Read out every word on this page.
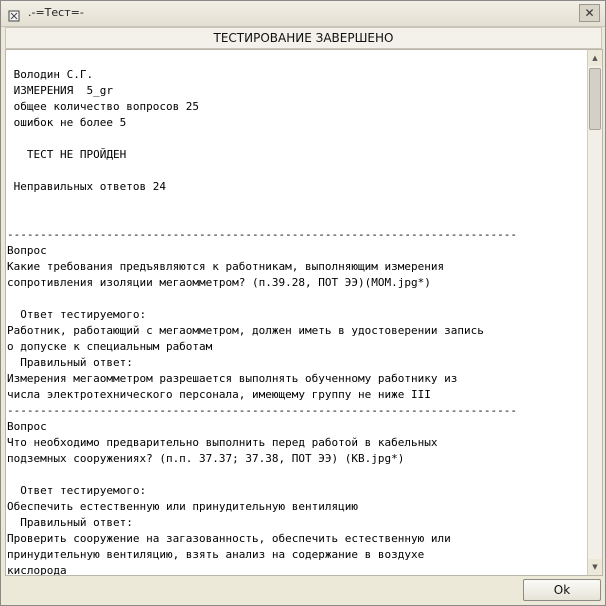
.-=Тест=-	✕
ТЕСТИРОВАНИЕ ЗАВЕРШЕНО
Володин С.Г.
ИЗМЕРЕНИЯ  5_gr
общее количество вопросов 25
ошибок не более 5

ТЕСТ НЕ ПРОЙДЕН

Неправильных ответов 24

-----------------------------------------------------------------------------
Вопрос
Какие требования предъявляются к работникам, выполняющим измерения
сопротивления изоляции мегаомметром? (п.39.28, ПОТ ЭЭ)(MOM.jpg*)

Ответ тестируемого:
Работник, работающий с мегаомметром, должен иметь в удостоверении запись
о допуске к специальным работам
Правильный ответ:
Измерения мегаомметром разрешается выполнять обученному работнику из
числа электротехнического персонала, имеющему группу не ниже III
-----------------------------------------------------------------------------
Вопрос
Что необходимо предварительно выполнить перед работой в кабельных
подземных сооружениях? (п.п. 37.37; 37.38, ПОТ ЭЭ) (KB.jpg*)

Ответ тестируемого:
Обеспечить естественную или принудительную вентиляцию
Правильный ответ:
Проверить сооружение на загазованность, обеспечить естественную или
принудительную вентиляцию, взять анализ на содержание в воздухе
кислорода
▲
▼
Ok
